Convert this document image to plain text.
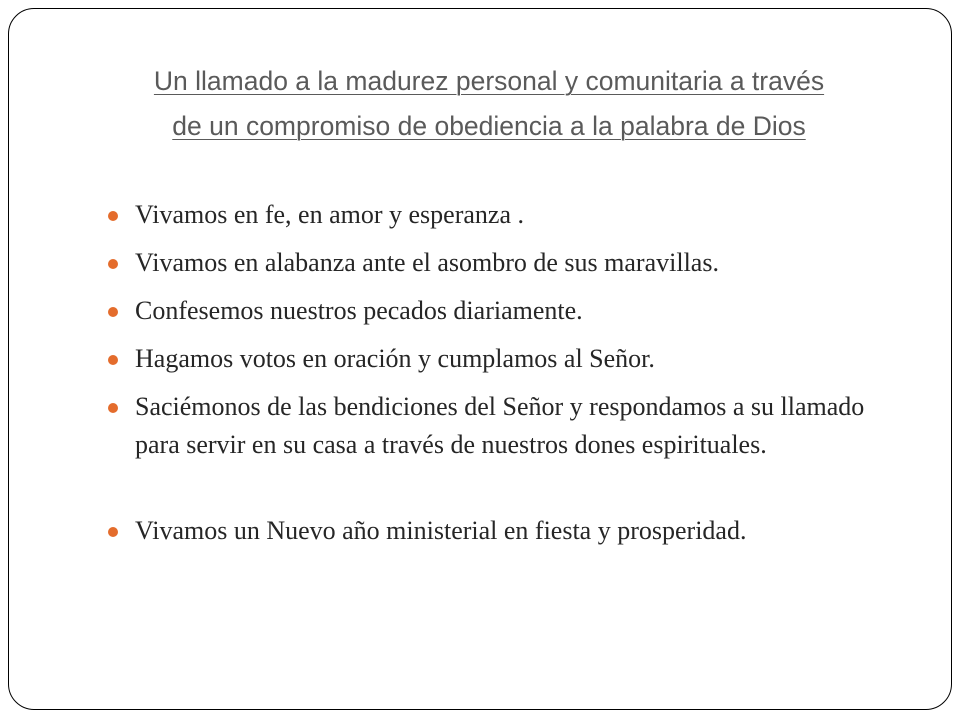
Un llamado a la madurez personal y comunitaria a través
de un compromiso de obediencia a la palabra de Dios
Vivamos en fe, en amor y esperanza .
Vivamos en alabanza ante el asombro de sus maravillas.
Confesemos nuestros pecados diariamente.
Hagamos votos en oración y cumplamos al Señor.
Saciémonos de las bendiciones del Señor y respondamos a su llamado para servir en su casa a través de nuestros dones espirituales.
Vivamos un Nuevo año ministerial en fiesta y prosperidad.
